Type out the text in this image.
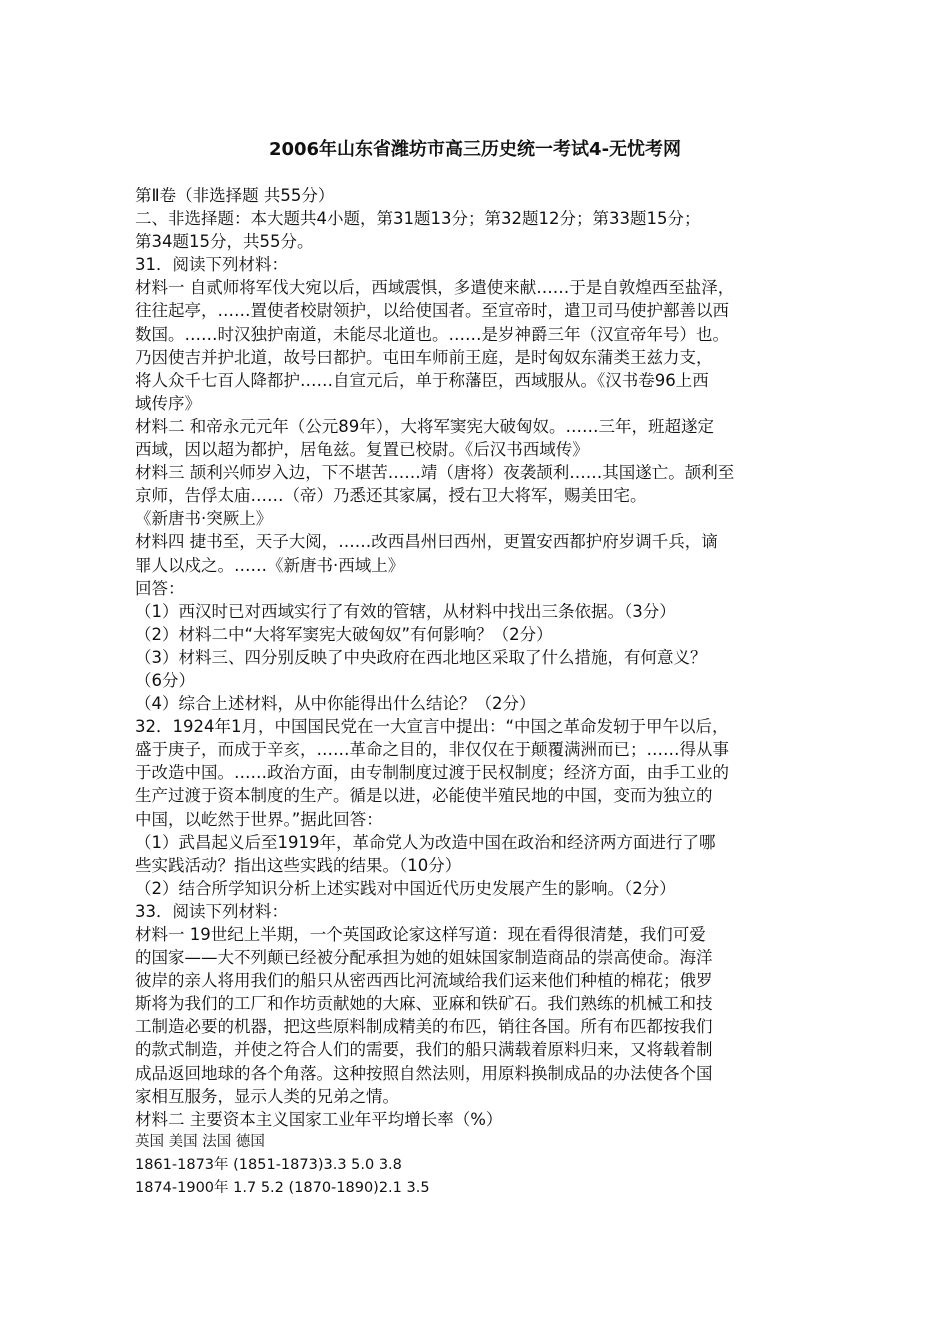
2006年山东省潍坊市高三历史统一考试4-无忧考网
第Ⅱ卷（非选择题 共55分）
二、非选择题：本大题共4小题，第31题13分；第32题12分；第33题15分；
第34题15分，共55分。
31．阅读下列材料：
材料一 自贰师将军伐大宛以后，西域震惧，多遣使来献……于是自敦煌西至盐泽，
往往起亭，……置使者校尉领护，以给使国者。至宣帝时，遣卫司马使护鄯善以西
数国。……时汉独护南道，未能尽北道也。……是岁神爵三年（汉宣帝年号）也。
乃因使吉并护北道，故号曰都护。屯田车师前王庭，是时匈奴东蒲类王兹力支，
将人众千七百人降都护……自宣元后，单于称藩臣，西域服从。《汉书卷96上西
域传序》
材料二 和帝永元元年（公元89年），大将军窦宪大破匈奴。……三年，班超遂定
西域，因以超为都护，居龟兹。复置已校尉。《后汉书西域传》
材料三 颉利兴师岁入边，下不堪苦……靖（唐将）夜袭颉利……其国遂亡。颉利至
京师，告俘太庙……（帝）乃悉还其家属，授右卫大将军，赐美田宅。
《新唐书·突厥上》
材料四 捷书至，天子大阅，……改西昌州曰西州，更置安西都护府岁调千兵，谪
罪人以戍之。……《新唐书·西域上》
回答：
（1）西汉时已对西域实行了有效的管辖，从材料中找出三条依据。（3分）
（2）材料二中“大将军窦宪大破匈奴”有何影响？（2分）
（3）材料三、四分别反映了中央政府在西北地区采取了什么措施，有何意义？
（6分）
（4）综合上述材料，从中你能得出什么结论？（2分）
32．1924年1月，中国国民党在一大宣言中提出：“中国之革命发轫于甲午以后，
盛于庚子，而成于辛亥，……革命之目的，非仅仅在于颠覆满洲而已；……得从事
于改造中国。……政治方面，由专制制度过渡于民权制度；经济方面，由手工业的
生产过渡于资本制度的生产。循是以进，必能使半殖民地的中国，变而为独立的
中国，以屹然于世界。”据此回答：
（1）武昌起义后至1919年，革命党人为改造中国在政治和经济两方面进行了哪
些实践活动？指出这些实践的结果。（10分）
（2）结合所学知识分析上述实践对中国近代历史发展产生的影响。（2分）
33．阅读下列材料：
材料一 19世纪上半期，一个英国政论家这样写道：现在看得很清楚，我们可爱
的国家——大不列颠已经被分配承担为她的姐妹国家制造商品的崇高使命。海洋
彼岸的亲人将用我们的船只从密西西比河流域给我们运来他们种植的棉花；俄罗
斯将为我们的工厂和作坊贡献她的大麻、亚麻和铁矿石。我们熟练的机械工和技
工制造必要的机器，把这些原料制成精美的布匹，销往各国。所有布匹都按我们
的款式制造，并使之符合人们的需要，我们的船只满载着原料归来，又将载着制
成品返回地球的各个角落。这种按照自然法则，用原料换制成品的办法使各个国
家相互服务，显示人类的兄弟之情。
材料二 主要资本主义国家工业年平均增长率（%）
英国 美国 法国 德国
1861-1873年 (1851-1873)3.3 5.0 3.8
1874-1900年 1.7 5.2 (1870-1890)2.1 3.5
